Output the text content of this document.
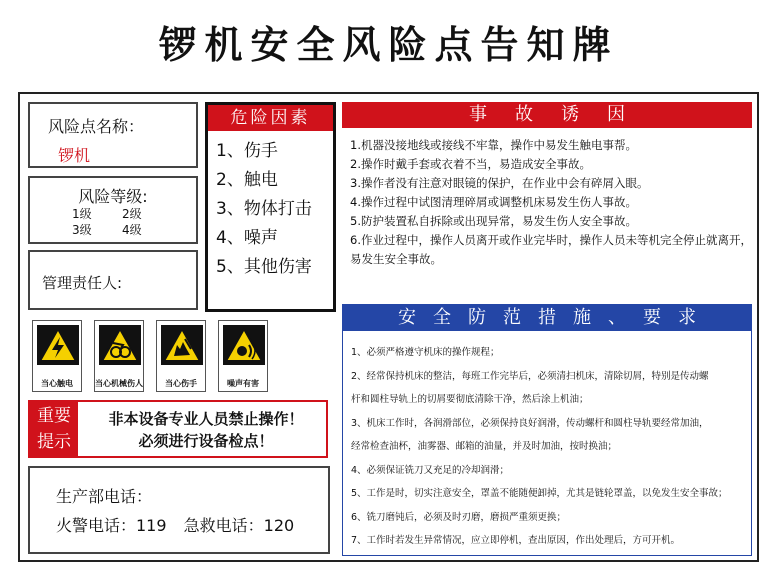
锣机安全风险点告知牌
风险点名称：
锣机
风险等级:
1级	2级
3级	4级
管理责任人:
危险因素
1、伤手
2、触电
3、物体打击
4、噪声
5、其他伤害
当心触电	当心机械伤人	当心伤手	噪声有害
重要
提示
非本设备专业人员禁止操作！
必须进行设备检点！
生产部电话：
火警电话：119 急救电话：120
事故诱因
1.机器没接地线或接线不牢靠，操作中易发生触电事帮。
2.操作时戴手套或衣着不当，易造成安全事故。
3.操作者没有注意对眼镜的保护，在作业中会有碎屑入眼。
4.操作过程中试图清理碎屑或调整机床易发生伤人事故。
5.防护装置私自拆除或出现异常，易发生伤人安全事故。
6.作业过程中，操作人员离开或作业完毕时，操作人员未等机完全停止就离开，易发生安全事故。
安全防范措施、要求
1、必须严格遵守机床的操作规程；
2、经常保持机床的整洁，每班工作完毕后，必须清扫机床，清除切屑，特别是传动螺
杆和圆柱导轨上的切屑要彻底清除干净，然后涂上机油；
3、机床工作时，各润滑部位，必须保持良好润滑，传动螺杆和圆柱导轨要经常加油，
经常检查油杯，油雾器、邮箱的油量，并及时加油，按时换油；
4、必须保证铣刀又充足的冷却润滑；
5、工作是时，切实注意安全，罩盖不能随便卸掉，尤其是链轮罩盖，以免发生安全事故；
6、铣刀磨钝后，必须及时刃磨，磨损严重须更换；
7、工作时若发生异常情况，应立即停机，查出原因，作出处理后，方可开机。
